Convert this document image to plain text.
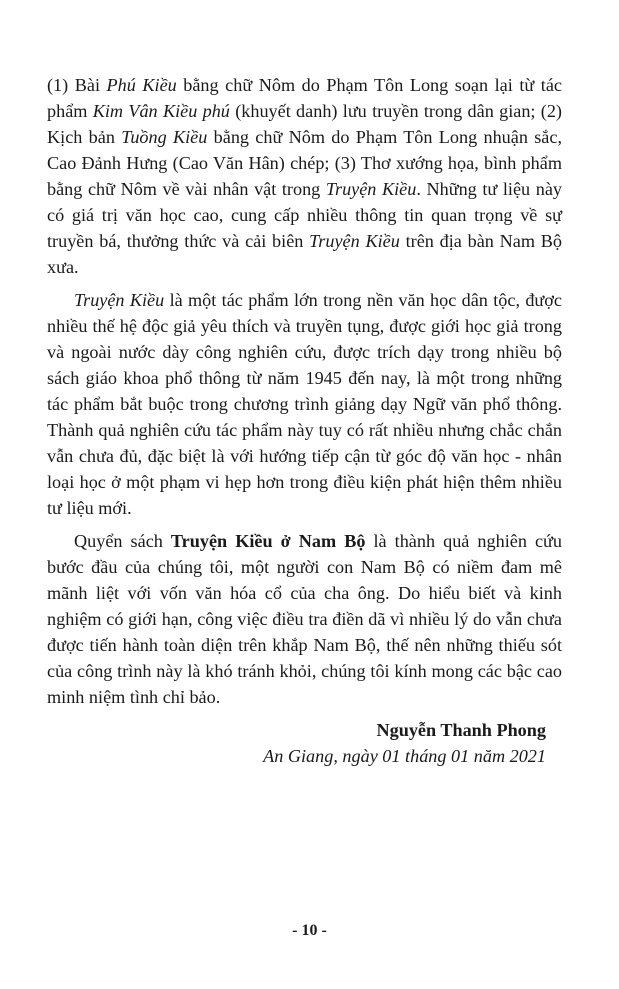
(1) Bài Phú Kiều bằng chữ Nôm do Phạm Tôn Long soạn lại từ tác phẩm Kim Vân Kiều phú (khuyết danh) lưu truyền trong dân gian; (2) Kịch bản Tuồng Kiều bằng chữ Nôm do Phạm Tôn Long nhuận sắc, Cao Đảnh Hưng (Cao Văn Hân) chép; (3) Thơ xướng họa, bình phẩm bằng chữ Nôm về vài nhân vật trong Truyện Kiều. Những tư liệu này có giá trị văn học cao, cung cấp nhiều thông tin quan trọng về sự truyền bá, thưởng thức và cải biên Truyện Kiều trên địa bàn Nam Bộ xưa.

Truyện Kiều là một tác phẩm lớn trong nền văn học dân tộc, được nhiều thế hệ độc giả yêu thích và truyền tụng, được giới học giả trong và ngoài nước dày công nghiên cứu, được trích dạy trong nhiều bộ sách giáo khoa phổ thông từ năm 1945 đến nay, là một trong những tác phẩm bắt buộc trong chương trình giảng dạy Ngữ văn phổ thông. Thành quả nghiên cứu tác phẩm này tuy có rất nhiều nhưng chắc chắn vẫn chưa đủ, đặc biệt là với hướng tiếp cận từ góc độ văn học - nhân loại học ở một phạm vi hẹp hơn trong điều kiện phát hiện thêm nhiều tư liệu mới.

Quyển sách Truyện Kiều ở Nam Bộ là thành quả nghiên cứu bước đầu của chúng tôi, một người con Nam Bộ có niềm đam mê mãnh liệt với vốn văn hóa cổ của cha ông. Do hiểu biết và kinh nghiệm có giới hạn, công việc điều tra điền dã vì nhiều lý do vẫn chưa được tiến hành toàn diện trên khắp Nam Bộ, thế nên những thiếu sót của công trình này là khó tránh khỏi, chúng tôi kính mong các bậc cao minh niệm tình chỉ bảo.

Nguyễn Thanh Phong
An Giang, ngày 01 tháng 01 năm 2021
- 10 -
